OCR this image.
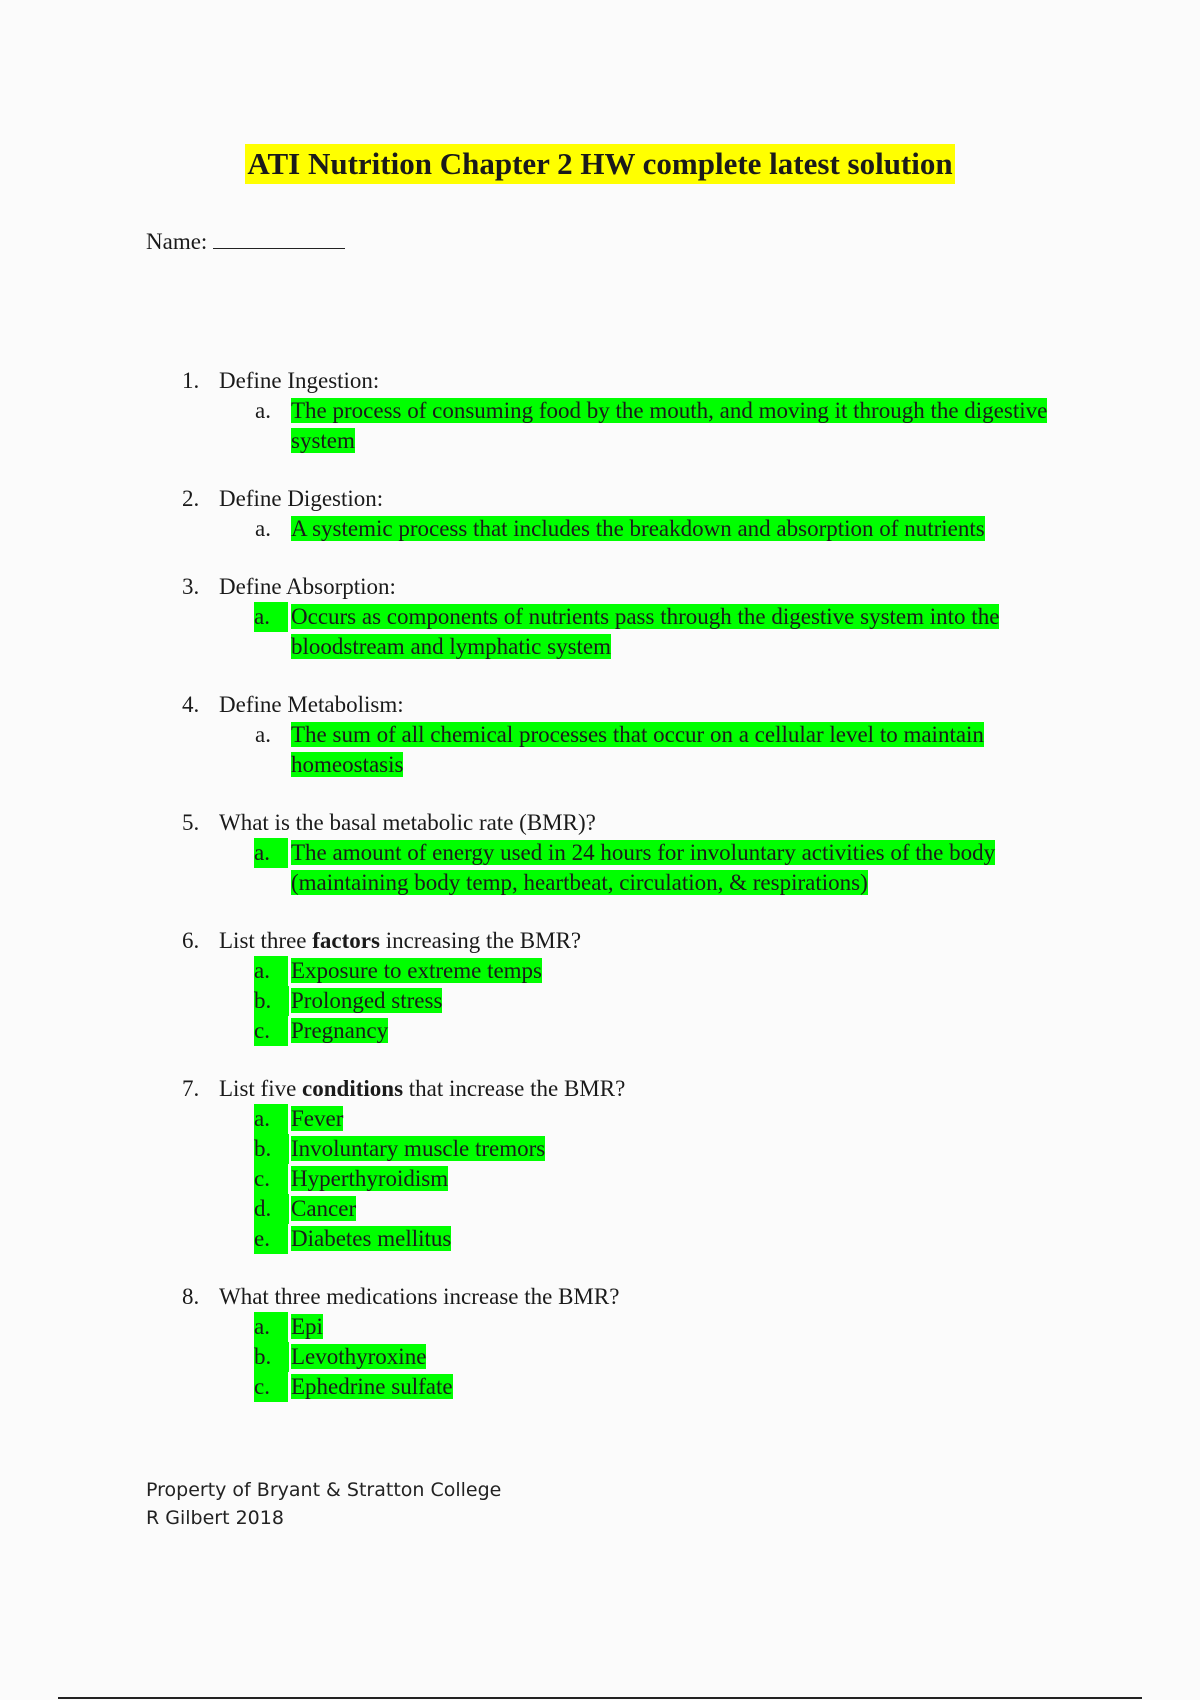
ATI Nutrition Chapter 2 HW complete latest solution
Name:
1. Define Ingestion:
a. The process of consuming food by the mouth, and moving it through the digestive system
2. Define Digestion:
a. A systemic process that includes the breakdown and absorption of nutrients
3. Define Absorption:
a. Occurs as components of nutrients pass through the digestive system into the bloodstream and lymphatic system
4. Define Metabolism:
a. The sum of all chemical processes that occur on a cellular level to maintain homeostasis
5. What is the basal metabolic rate (BMR)?
a. The amount of energy used in 24 hours for involuntary activities of the body (maintaining body temp, heartbeat, circulation, & respirations)
6. List three factors increasing the BMR?
a. Exposure to extreme temps
b. Prolonged stress
c. Pregnancy
7. List five conditions that increase the BMR?
a. Fever
b. Involuntary muscle tremors
c. Hyperthyroidism
d. Cancer
e. Diabetes mellitus
8. What three medications increase the BMR?
a. Epi
b. Levothyroxine
c. Ephedrine sulfate
Property of Bryant & Stratton College
R Gilbert 2018
